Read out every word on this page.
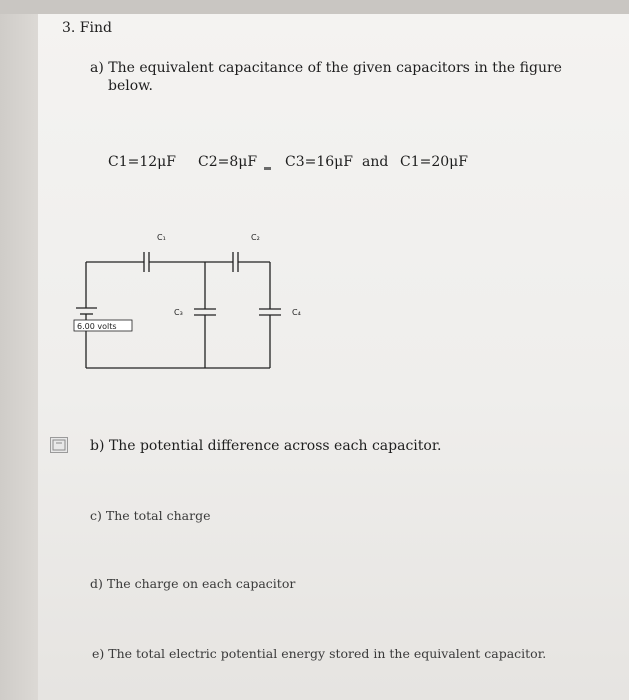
3. Find
a) The equivalent capacitance of the given capacitors in the figure
below.
C1=12μF C2=8μF C3=16μF and C1=20μF
C₁	C₂
C₃	C₄
6.00 volts
b) The potential difference across each capacitor.
c) The total charge
d) The charge on each capacitor
e) The total electric potential energy stored in the equivalent capacitor.
